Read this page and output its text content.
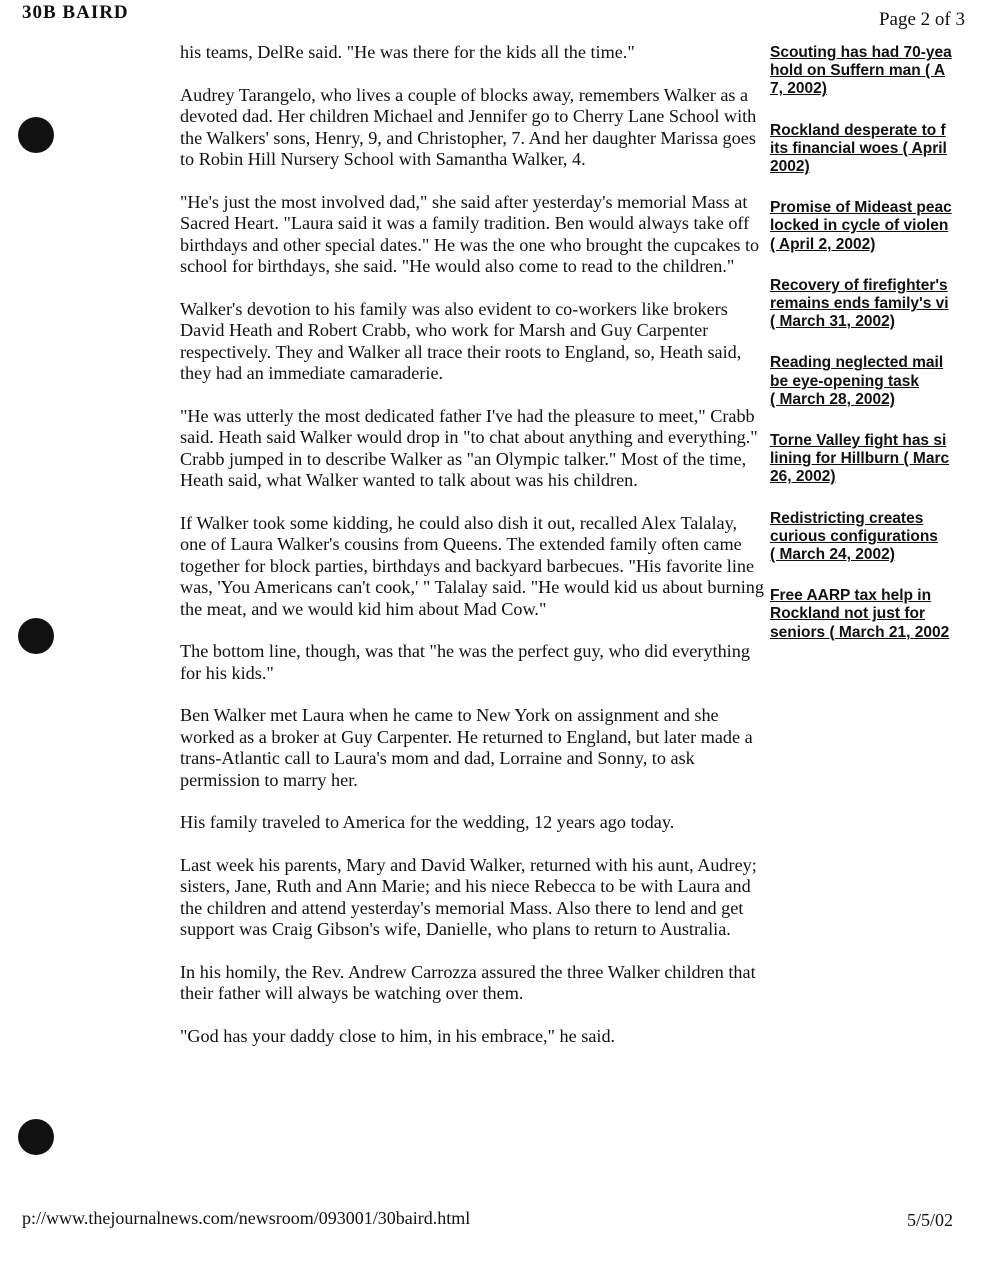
30B BAIRD	Page 2 of 3

his teams, DelRe said. "He was there for the kids all the time."

Audrey Tarangelo, who lives a couple of blocks away, remembers Walker as a devoted dad. Her children Michael and Jennifer go to Cherry Lane School with the Walkers' sons, Henry, 9, and Christopher, 7. And her daughter Marissa goes to Robin Hill Nursery School with Samantha Walker, 4.

"He's just the most involved dad," she said after yesterday's memorial Mass at Sacred Heart. "Laura said it was a family tradition. Ben would always take off birthdays and other special dates." He was the one who brought the cupcakes to school for birthdays, she said. "He would also come to read to the children."

Walker's devotion to his family was also evident to co-workers like brokers David Heath and Robert Crabb, who work for Marsh and Guy Carpenter respectively. They and Walker all trace their roots to England, so, Heath said, they had an immediate camaraderie.

"He was utterly the most dedicated father I've had the pleasure to meet," Crabb said. Heath said Walker would drop in "to chat about anything and everything." Crabb jumped in to describe Walker as "an Olympic talker." Most of the time, Heath said, what Walker wanted to talk about was his children.

If Walker took some kidding, he could also dish it out, recalled Alex Talalay, one of Laura Walker's cousins from Queens. The extended family often came together for block parties, birthdays and backyard barbecues. "His favorite line was, 'You Americans can't cook,' " Talalay said. "He would kid us about burning the meat, and we would kid him about Mad Cow."

The bottom line, though, was that "he was the perfect guy, who did everything for his kids."

Ben Walker met Laura when he came to New York on assignment and she worked as a broker at Guy Carpenter. He returned to England, but later made a trans-Atlantic call to Laura's mom and dad, Lorraine and Sonny, to ask permission to marry her.

His family traveled to America for the wedding, 12 years ago today.

Last week his parents, Mary and David Walker, returned with his aunt, Audrey; sisters, Jane, Ruth and Ann Marie; and his niece Rebecca to be with Laura and the children and attend yesterday's memorial Mass. Also there to lend and get support was Craig Gibson's wife, Danielle, who plans to return to Australia.

In his homily, the Rev. Andrew Carrozza assured the three Walker children that their father will always be watching over them.

"God has your daddy close to him, in his embrace," he said.

Scouting has had 70-yea
hold on Suffern man ( A
7, 2002)
Rockland desperate to f
its financial woes ( April
2002)
Promise of Mideast peac
locked in cycle of violen
( April 2, 2002)
Recovery of firefighter's
remains ends family's vi
( March 31, 2002)
Reading neglected mail
be eye-opening task
( March 28, 2002)
Torne Valley fight has si
lining for Hillburn ( Marc
26, 2002)
Redistricting creates
curious configurations
( March 24, 2002)
Free AARP tax help in
Rockland not just for
seniors ( March 21, 2002
p://www.thejournalnews.com/newsroom/093001/30baird.html	5/5/02
